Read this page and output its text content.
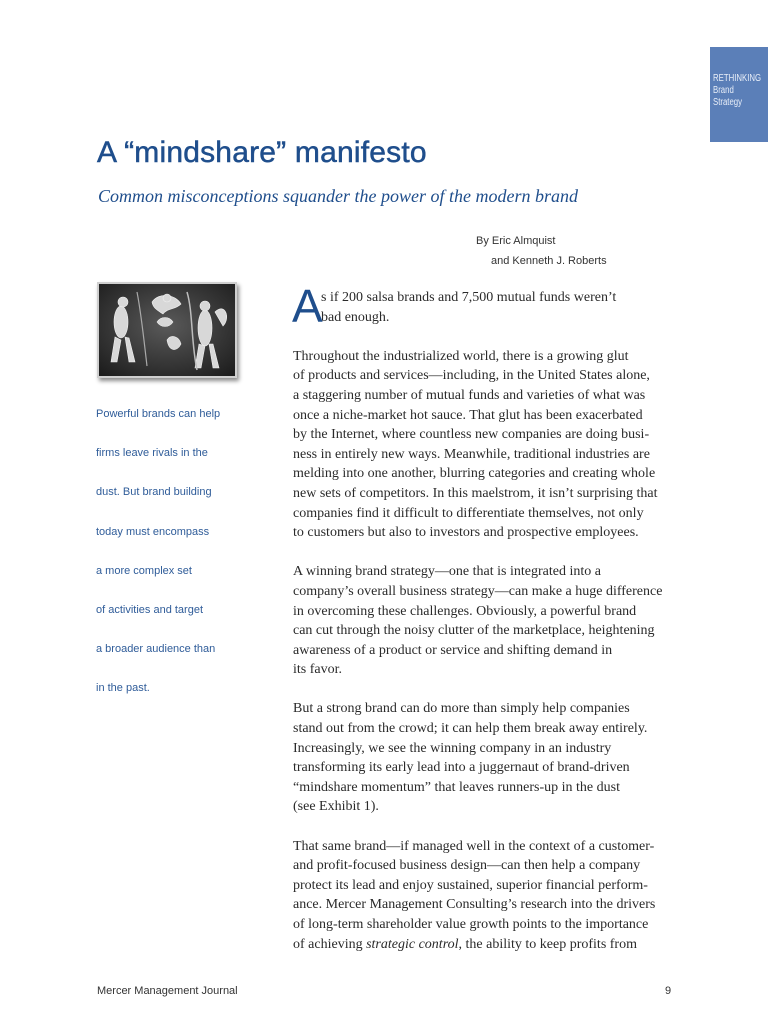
RETHINKING
Brand
Strategy
A “mindshare” manifesto

Common misconceptions squander the power of the modern brand

By Eric Almquist
and Kenneth J. Roberts
Powerful brands can help
firms leave rivals in the
dust. But brand building
today must encompass
a more complex set
of activities and target
a broader audience than
in the past.

A
s if 200 salsa brands and 7,500 mutual funds weren’t
bad enough.

Throughout the industrialized world, there is a growing glut
of products and services—including, in the United States alone,
a staggering number of mutual funds and varieties of what was
once a niche-market hot sauce. That glut has been exacerbated
by the Internet, where countless new companies are doing busi-
ness in entirely new ways. Meanwhile, traditional industries are
melding into one another, blurring categories and creating whole
new sets of competitors. In this maelstrom, it isn’t surprising that
companies find it difficult to differentiate themselves, not only
to customers but also to investors and prospective employees.

A winning brand strategy—one that is integrated into a
company’s overall business strategy—can make a huge difference
in overcoming these challenges. Obviously, a powerful brand
can cut through the noisy clutter of the marketplace, heightening
awareness of a product or service and shifting demand in
its favor.

But a strong brand can do more than simply help companies
stand out from the crowd; it can help them break away entirely.
Increasingly, we see the winning company in an industry
transforming its early lead into a juggernaut of brand-driven
“mindshare momentum” that leaves runners-up in the dust
(see Exhibit 1).

That same brand—if managed well in the context of a customer-
and profit-focused business design—can then help a company
protect its lead and enjoy sustained, superior financial perform-
ance. Mercer Management Consulting’s research into the drivers
of long-term shareholder value growth points to the importance
of achieving strategic control, the ability to keep profits from

Mercer Management Journal	9
